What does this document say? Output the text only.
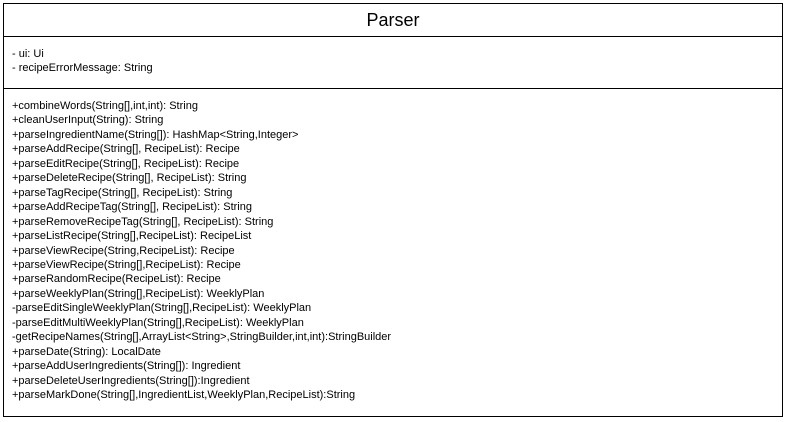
Parser
- ui: Ui
- recipeErrorMessage: String
+combineWords(String[],int,int): String
+cleanUserInput(String): String
+parseIngredientName(String[]): HashMap<String,Integer>
+parseAddRecipe(String[], RecipeList): Recipe
+parseEditRecipe(String[], RecipeList): Recipe
+parseDeleteRecipe(String[], RecipeList): String
+parseTagRecipe(String[], RecipeList): String
+parseAddRecipeTag(String[], RecipeList): String
+parseRemoveRecipeTag(String[], RecipeList): String
+parseListRecipe(String[],RecipeList): RecipeList
+parseViewRecipe(String,RecipeList): Recipe
+parseViewRecipe(String[],RecipeList): Recipe
+parseRandomRecipe(RecipeList): Recipe
+parseWeeklyPlan(String[],RecipeList): WeeklyPlan
-parseEditSingleWeeklyPlan(String[],RecipeList): WeeklyPlan
-parseEditMultiWeeklyPlan(String[],RecipeList): WeeklyPlan
-getRecipeNames(String[],ArrayList<String>,StringBuilder,int,int):StringBuilder
+parseDate(String): LocalDate
+parseAddUserIngredients(String[]): Ingredient
+parseDeleteUserIngredients(String[]):Ingredient
+parseMarkDone(String[],IngredientList,WeeklyPlan,RecipeList):String
